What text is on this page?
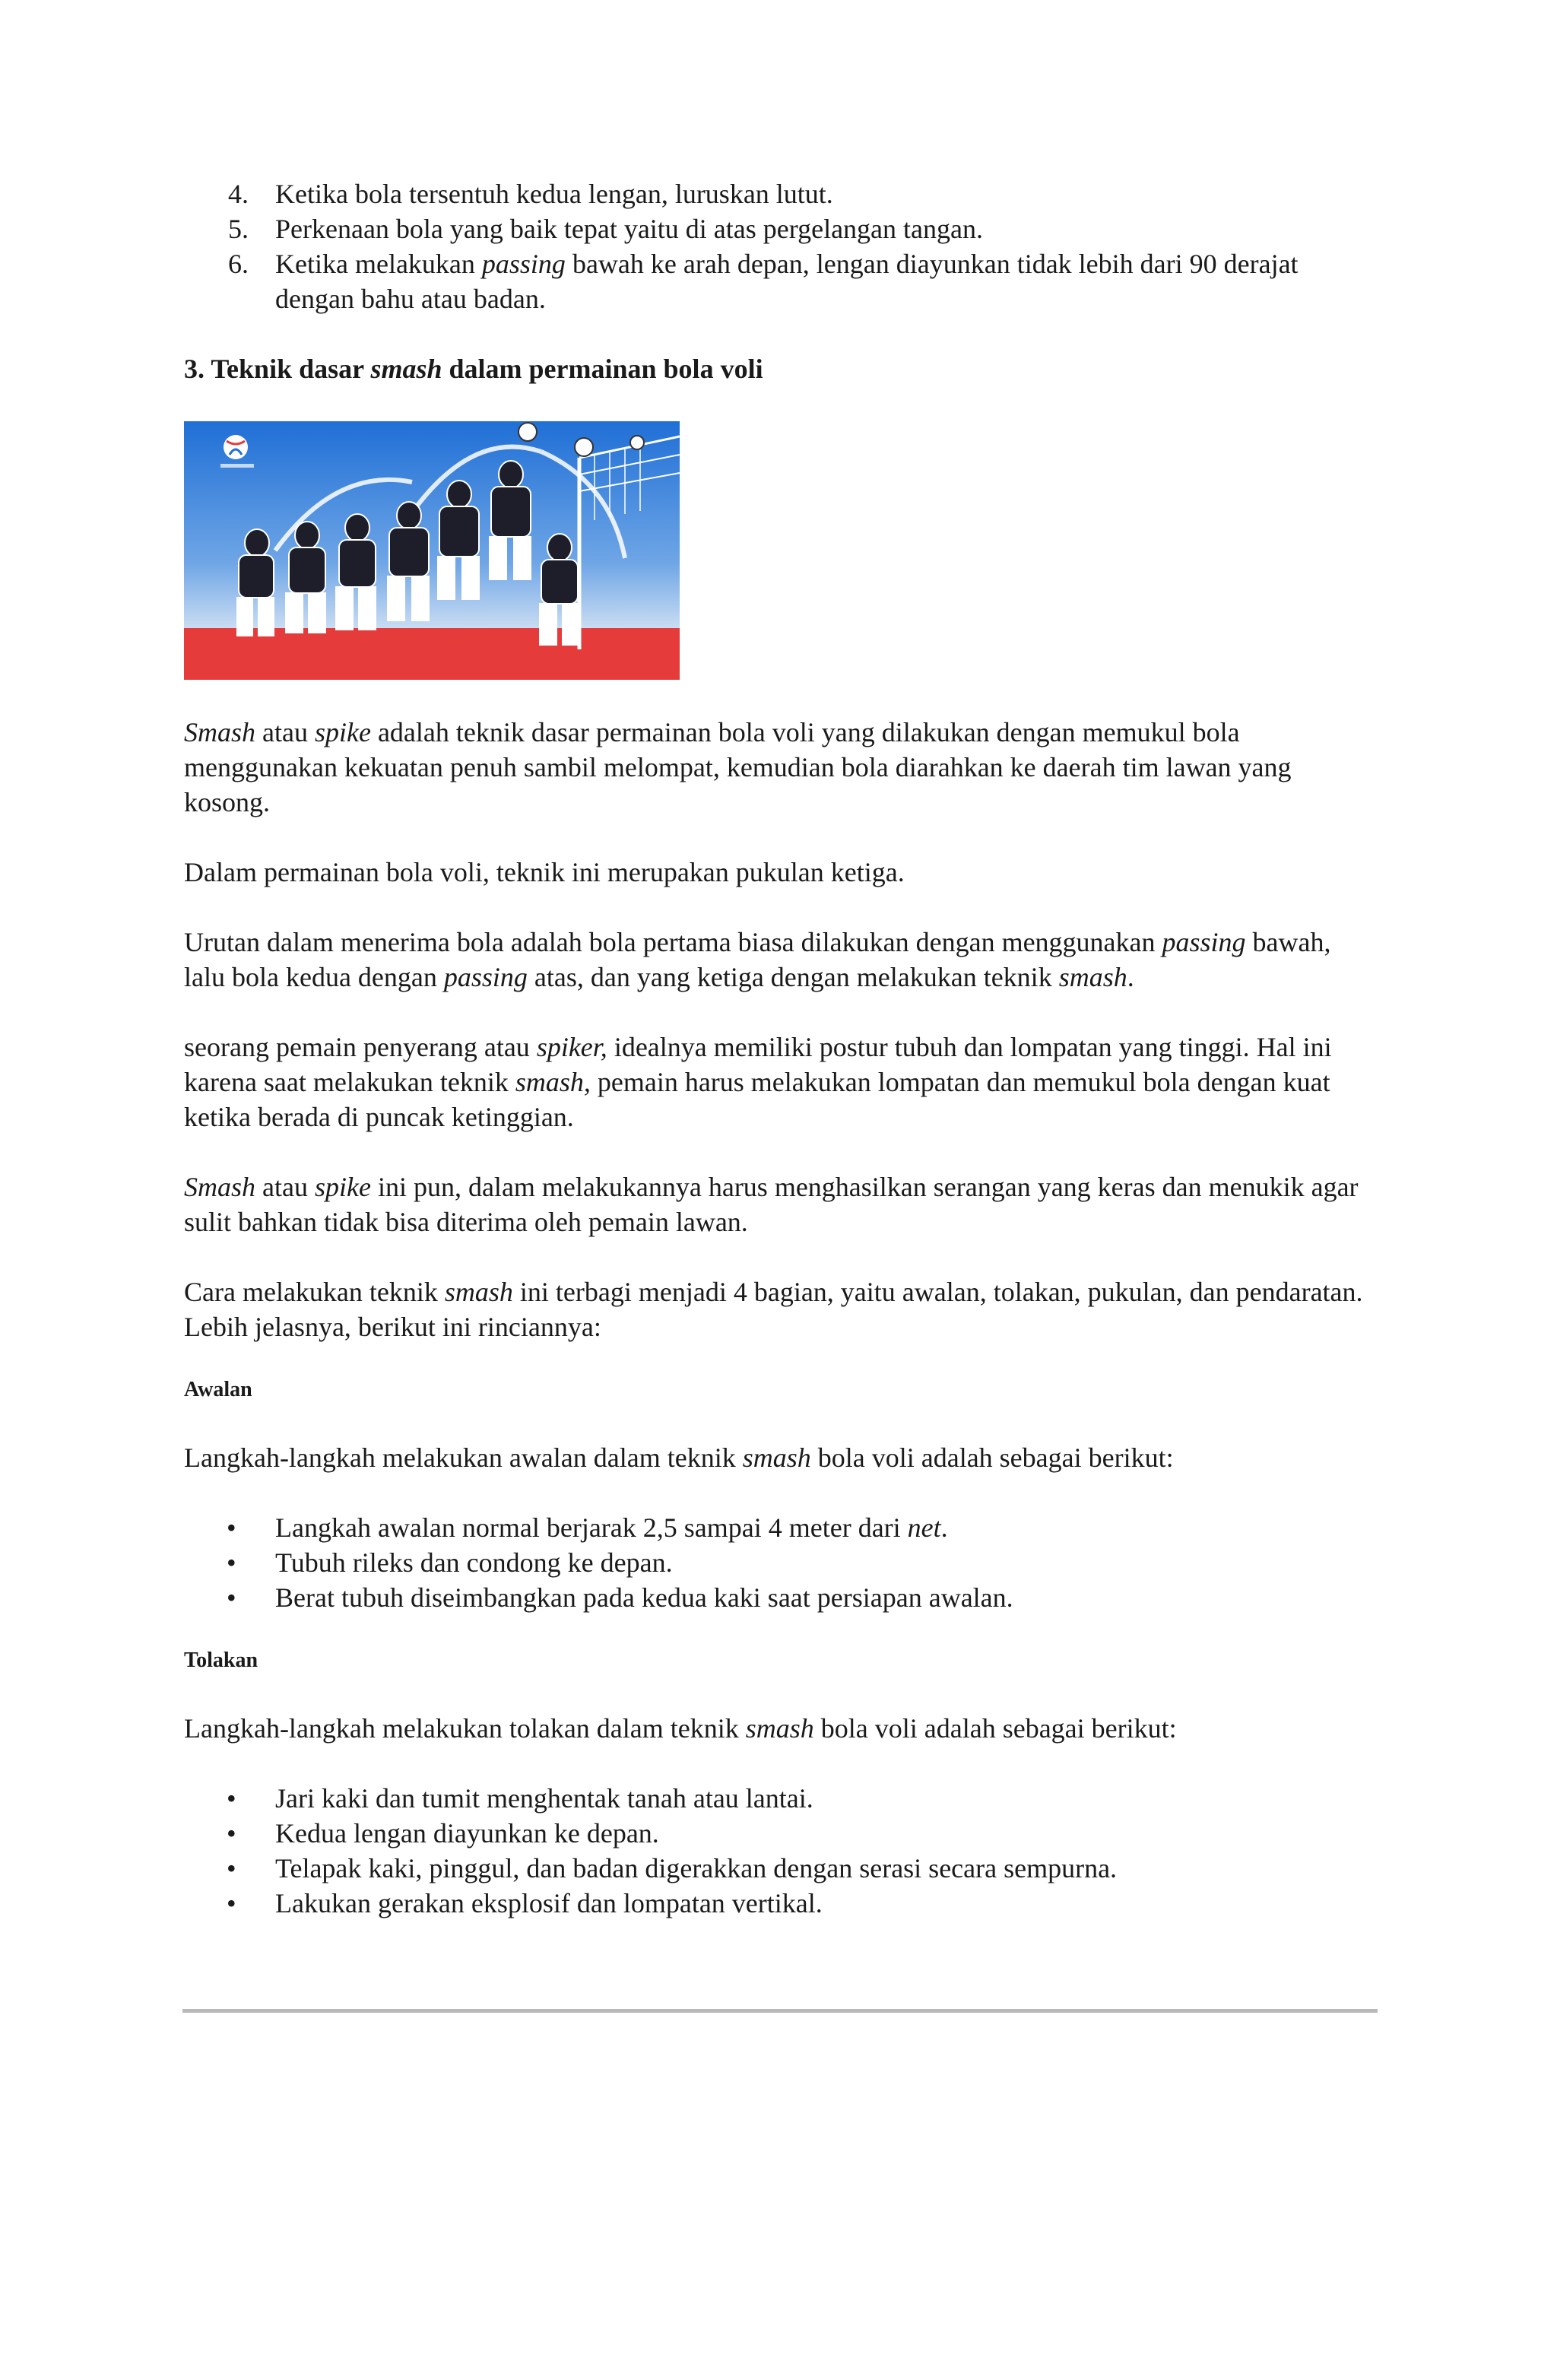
4. Ketika bola tersentuh kedua lengan, luruskan lutut.
5. Perkenaan bola yang baik tepat yaitu di atas pergelangan tangan.
6. Ketika melakukan passing bawah ke arah depan, lengan diayunkan tidak lebih dari 90 derajat dengan bahu atau badan.

3. Teknik dasar smash dalam permainan bola voli

Smash atau spike adalah teknik dasar permainan bola voli yang dilakukan dengan memukul bola menggunakan kekuatan penuh sambil melompat, kemudian bola diarahkan ke daerah tim lawan yang kosong.

Dalam permainan bola voli, teknik ini merupakan pukulan ketiga.

Urutan dalam menerima bola adalah bola pertama biasa dilakukan dengan menggunakan passing bawah, lalu bola kedua dengan passing atas, dan yang ketiga dengan melakukan teknik smash.

seorang pemain penyerang atau spiker, idealnya memiliki postur tubuh dan lompatan yang tinggi. Hal ini karena saat melakukan teknik smash, pemain harus melakukan lompatan dan memukul bola dengan kuat ketika berada di puncak ketinggian.

Smash atau spike ini pun, dalam melakukannya harus menghasilkan serangan yang keras dan menukik agar sulit bahkan tidak bisa diterima oleh pemain lawan.

Cara melakukan teknik smash ini terbagi menjadi 4 bagian, yaitu awalan, tolakan, pukulan, dan pendaratan. Lebih jelasnya, berikut ini rinciannya:

Awalan

Langkah-langkah melakukan awalan dalam teknik smash bola voli adalah sebagai berikut:

• Langkah awalan normal berjarak 2,5 sampai 4 meter dari net.
• Tubuh rileks dan condong ke depan.
• Berat tubuh diseimbangkan pada kedua kaki saat persiapan awalan.

Tolakan

Langkah-langkah melakukan tolakan dalam teknik smash bola voli adalah sebagai berikut:

• Jari kaki dan tumit menghentak tanah atau lantai.
• Kedua lengan diayunkan ke depan.
• Telapak kaki, pinggul, dan badan digerakkan dengan serasi secara sempurna.
• Lakukan gerakan eksplosif dan lompatan vertikal.
